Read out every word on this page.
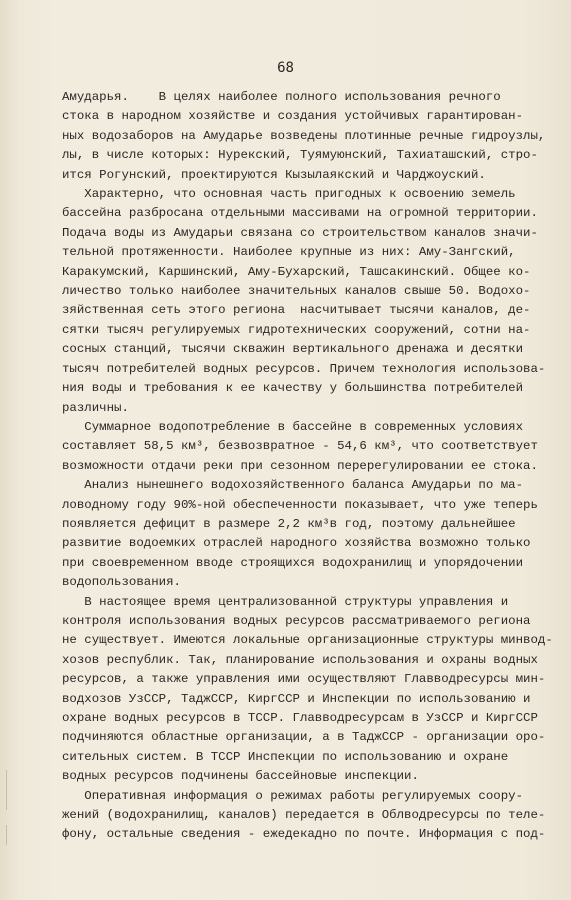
68
Амударья.    В целях наиболее полного использования речного
стока в народном хозяйстве и создания устойчивых гарантирован-
ных водозаборов на Амударье возведены плотинные речные гидроузлы,
лы, в числе которых: Нурекский, Туямуюнский, Тахиаташский, стро-
ится Рогунский, проектируются Кызылаякский и Чарджоуский.
Характерно, что основная часть пригодных к освоению земель
бассейна разбросана отдельными массивами на огромной территории.
Подача воды из Амударьи связана со строительством каналов значи-
тельной протяженности. Наиболее крупные из них: Аму-Зангский,
Каракумский, Каршинский, Аму-Бухарский, Ташсакинский. Общее ко-
личество только наиболее значительных каналов свыше 50. Водохо-
зяйственная сеть этого региона  насчитывает тысячи каналов, де-
сятки тысяч регулируемых гидротехнических сооружений, сотни на-
сосных станций, тысячи скважин вертикального дренажа и десятки
тысяч потребителей водных ресурсов. Причем технология использова-
ния воды и требования к ее качеству у большинства потребителей
различны.
Суммарное водопотребление в бассейне в современных условиях
составляет 58,5 км³, безвозвратное - 54,6 км³, что соответствует
возможности отдачи реки при сезонном перерегулировании ее стока.
Анализ нынешнего водохозяйственного баланса Амударьи по ма-
ловодному году 90%-ной обеспеченности показывает, что уже теперь
появляется дефицит в размере 2,2 км³в год, поэтому дальнейшее
развитие водоемких отраслей народного хозяйства возможно только
при своевременном вводе строящихся водохранилищ и упорядочении
водопользования.
В настоящее время централизованной структуры управления и
контроля использования водных ресурсов рассматриваемого региона
не существует. Имеются локальные организационные структуры минвод-
хозов республик. Так, планирование использования и охраны водных
ресурсов, а также управления ими осуществляют Главводресурсы мин-
водхозов УзССР, ТаджССР, КиргССР и Инспекции по использованию и
охране водных ресурсов в ТССР. Главводресурсам в УзССР и КиргССР
подчиняются областные организации, а в ТаджССР - организации оро-
сительных систем. В ТССР Инспекции по использованию и охране
водных ресурсов подчинены бассейновые инспекции.
Оперативная информация о режимах работы регулируемых соору-
жений (водохранилищ, каналов) передается в Облводресурсы по теле-
фону, остальные сведения - ежедекадно по почте. Информация с под-
